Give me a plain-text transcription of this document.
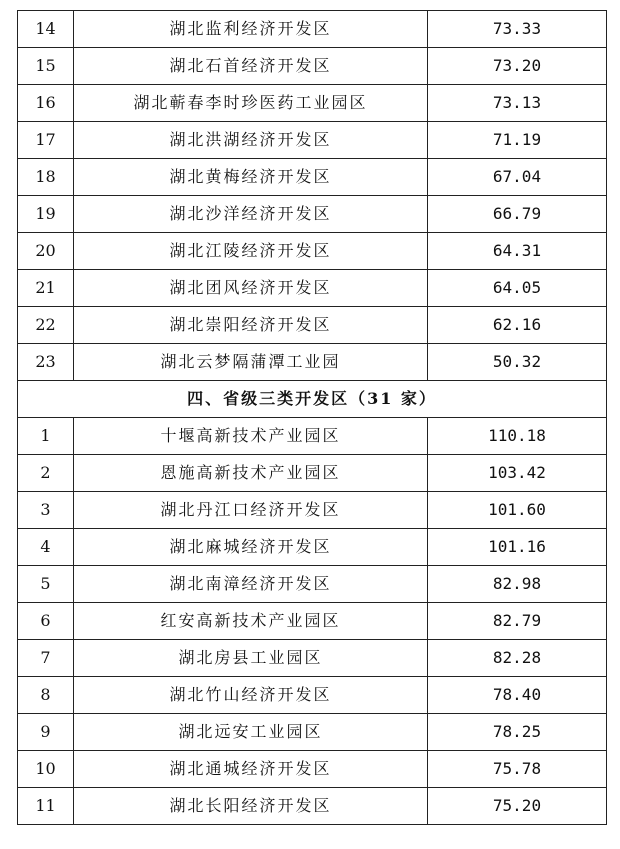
14	湖北监利经济开发区	73.33
15	湖北石首经济开发区	73.20
16	湖北蕲春李时珍医药工业园区	73.13
17	湖北洪湖经济开发区	71.19
18	湖北黄梅经济开发区	67.04
19	湖北沙洋经济开发区	66.79
20	湖北江陵经济开发区	64.31
21	湖北团风经济开发区	64.05
22	湖北崇阳经济开发区	62.16
23	湖北云梦隔蒲潭工业园	50.32
四、省级三类开发区（31 家）		
1	十堰高新技术产业园区	110.18
2	恩施高新技术产业园区	103.42
3	湖北丹江口经济开发区	101.60
4	湖北麻城经济开发区	101.16
5	湖北南漳经济开发区	82.98
6	红安高新技术产业园区	82.79
7	湖北房县工业园区	82.28
8	湖北竹山经济开发区	78.40
9	湖北远安工业园区	78.25
10	湖北通城经济开发区	75.78
11	湖北长阳经济开发区	75.20
